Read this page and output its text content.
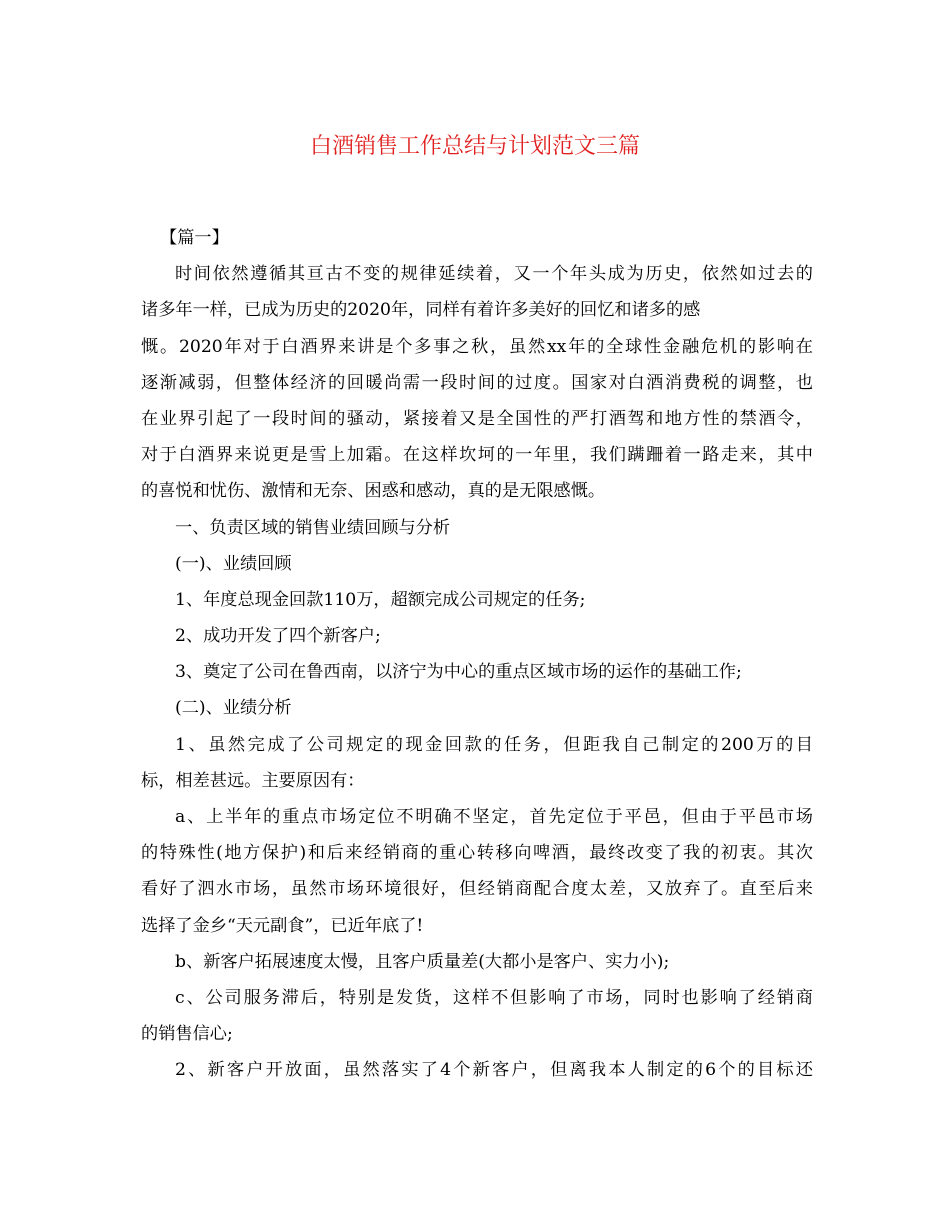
白酒销售工作总结与计划范文三篇
【篇一】
时间依然遵循其亘古不变的规律延续着，又一个年头成为历史，依然如过去的
诸多年一样，已成为历史的2020年，同样有着许多美好的回忆和诸多的感
慨。2020年对于白酒界来讲是个多事之秋，虽然xx年的全球性金融危机的影响在
逐渐减弱，但整体经济的回暖尚需一段时间的过度。国家对白酒消费税的调整，也
在业界引起了一段时间的骚动，紧接着又是全国性的严打酒驾和地方性的禁酒令，
对于白酒界来说更是雪上加霜。在这样坎坷的一年里，我们蹒跚着一路走来，其中
的喜悦和忧伤、激情和无奈、困惑和感动，真的是无限感慨。
一、负责区域的销售业绩回顾与分析
(一)、业绩回顾
1、年度总现金回款110万，超额完成公司规定的任务;
2、成功开发了四个新客户;
3、奠定了公司在鲁西南，以济宁为中心的重点区域市场的运作的基础工作;
(二)、业绩分析
1、虽然完成了公司规定的现金回款的任务，但距我自己制定的200万的目
标，相差甚远。主要原因有：
a、上半年的重点市场定位不明确不坚定，首先定位于平邑，但由于平邑市场
的特殊性(地方保护)和后来经销商的重心转移向啤酒，最终改变了我的初衷。其次
看好了泗水市场，虽然市场环境很好，但经销商配合度太差，又放弃了。直至后来
选择了金乡“天元副食”，已近年底了!
b、新客户拓展速度太慢，且客户质量差(大都小是客户、实力小);
c、公司服务滞后，特别是发货，这样不但影响了市场，同时也影响了经销商
的销售信心;
2、新客户开放面，虽然落实了4个新客户，但离我本人制定的6个的目标还
